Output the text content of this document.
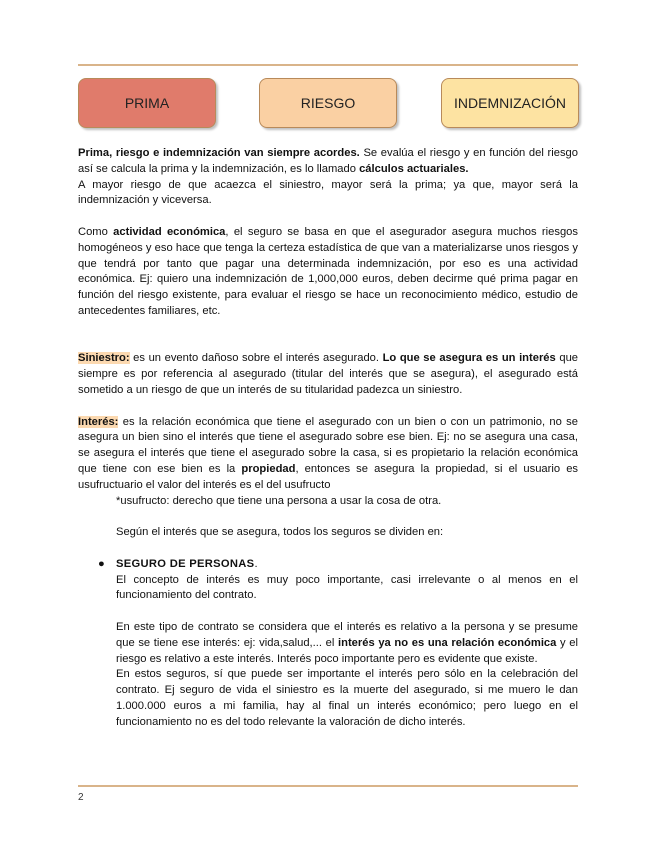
PRIMA	RIESGO	INDEMNIZACIÓN

Prima, riesgo e indemnización van siempre acordes. Se evalúa el riesgo y en función del riesgo así se calcula la prima y la indemnización, es lo llamado cálculos actuariales.

A mayor riesgo de que acaezca el siniestro, mayor será la prima; ya que, mayor será la indemnización y viceversa.

Como actividad económica, el seguro se basa en que el asegurador asegura muchos riesgos homogéneos y eso hace que tenga la certeza estadística de que van a materializarse unos riesgos y que tendrá por tanto que pagar una determinada indemnización, por eso es una actividad económica. Ej: quiero una indemnización de 1,000,000 euros, deben decirme qué prima pagar en función del riesgo existente, para evaluar el riesgo se hace un reconocimiento médico, estudio de antecedentes familiares, etc.

Siniestro: es un evento dañoso sobre el interés asegurado. Lo que se asegura es un interés que siempre es por referencia al asegurado (titular del interés que se asegura), el asegurado está sometido a un riesgo de que un interés de su titularidad padezca un siniestro.

Interés: es la relación económica que tiene el asegurado con un bien o con un patrimonio, no se asegura un bien sino el interés que tiene el asegurado sobre ese bien. Ej: no se asegura una casa, se asegura el interés que tiene el asegurado sobre la casa, si es propietario la relación económica que tiene con ese bien es la propiedad, entonces se asegura la propiedad, si el usuario es usufructuario el valor del interés es el del usufructo

*usufructo: derecho que tiene una persona a usar la cosa de otra.

Según el interés que se asegura, todos los seguros se dividen en:

●	SEGURO DE PERSONAS.

El concepto de interés es muy poco importante, casi irrelevante o al menos en el funcionamiento del contrato.

En este tipo de contrato se considera que el interés es relativo a la persona y se presume que se tiene ese interés: ej: vida,salud,... el interés ya no es una relación económica y el riesgo es relativo a este interés. Interés poco importante pero es evidente que existe.

En estos seguros, sí que puede ser importante el interés pero sólo en la celebración del contrato. Ej seguro de vida el siniestro es la muerte del asegurado, si me muero le dan 1.000.000 euros a mi familia, hay al final un interés económico; pero luego en el funcionamiento no es del todo relevante la valoración de dicho interés.

2
